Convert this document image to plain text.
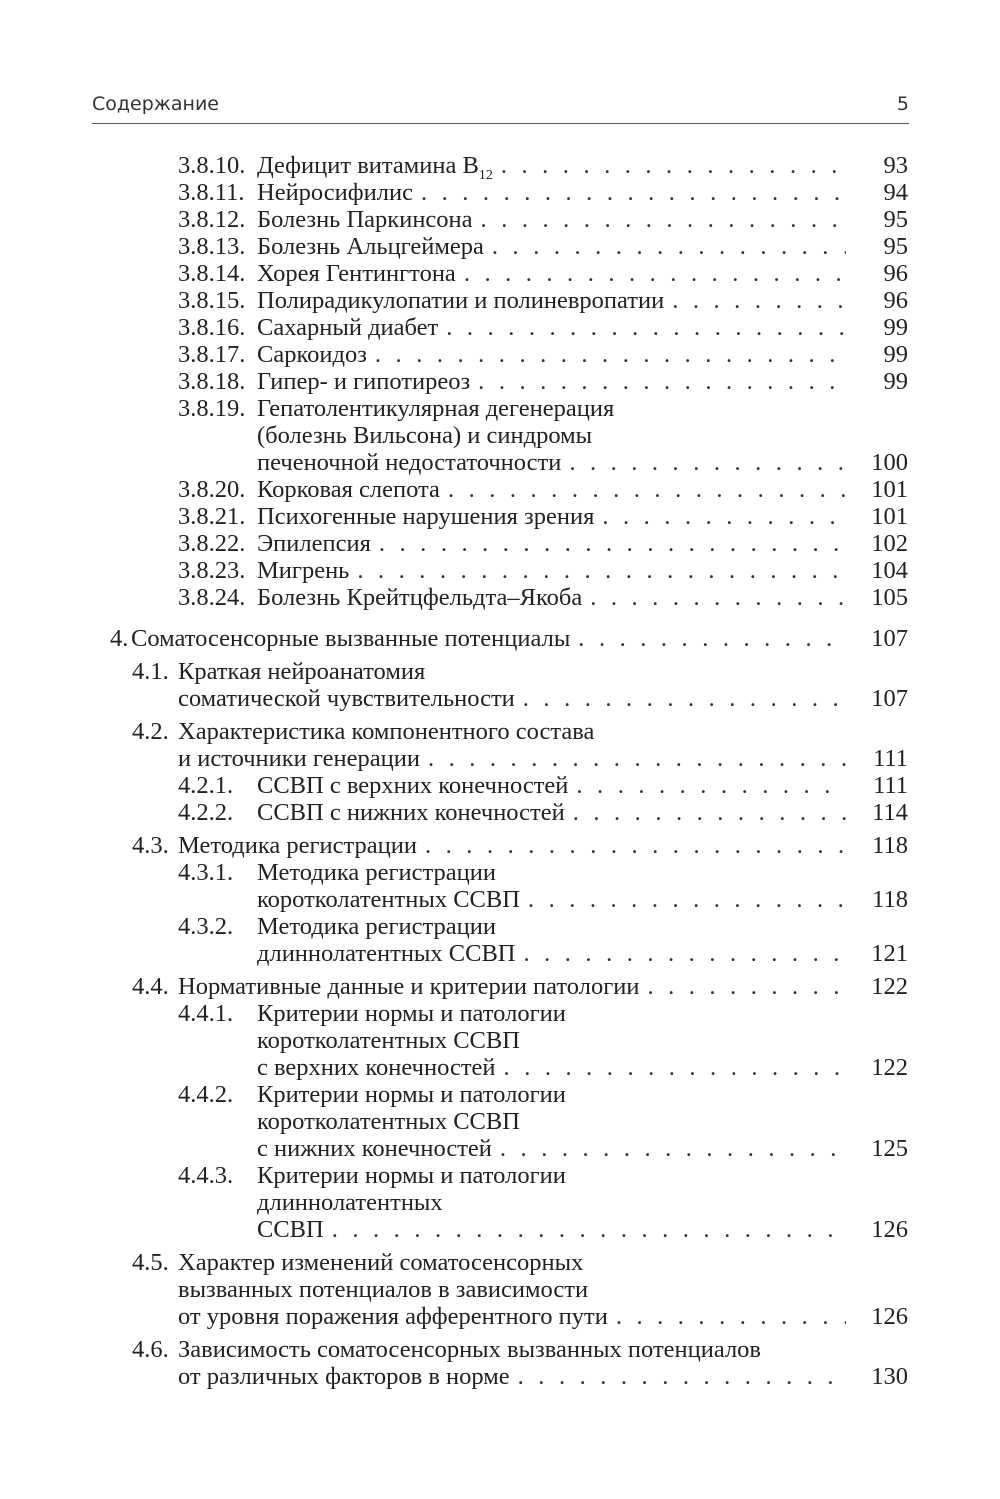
Содержание	5
3.8.10. Дефицит витамина $В_{12}$ . . .	93
3.8.11. Нейросифилис . . .	94
3.8.12. Болезнь Паркинсона . . .	95
3.8.13. Болезнь Альцгеймера . . .	95
3.8.14. Хорея Гентингтона . . .	96
3.8.15. Полирадикулопатии и полиневропатии . . .	96
3.8.16. Сахарный диабет . . .	99
3.8.17. Саркоидоз . . .	99
3.8.18. Гипер- и гипотиреоз . . .	99
3.8.19. Гепатолентикулярная дегенерация
(болезнь Вильсона) и синдромы
печеночной недостаточности . . .	100
3.8.20. Корковая слепота . . .	101
3.8.21. Психогенные нарушения зрения . . .	101
3.8.22. Эпилепсия . . .	102
3.8.23. Мигрень . . .	104
3.8.24. Болезнь Крейтцфельдта–Якоба . . .	105
4. Соматосенсорные вызванные потенциалы . . .	107
4.1. Краткая нейроанатомия
соматической чувствительности . . .	107
4.2. Характеристика компонентного состава
и источники генерации . . .	111
4.2.1. ССВП с верхних конечностей . . .	111
4.2.2. ССВП с нижних конечностей . . .	114
4.3. Методика регистрации . . .	118
4.3.1. Методика регистрации
коротколатентных ССВП . . .	118
4.3.2. Методика регистрации
длиннолатентных ССВП . . .	121
4.4. Нормативные данные и критерии патологии . . .	122
4.4.1. Критерии нормы и патологии
коротколатентных ССВП
с верхних конечностей . . .	122
4.4.2. Критерии нормы и патологии
коротколатентных ССВП
с нижних конечностей . . .	125
4.4.3. Критерии нормы и патологии
длиннолатентных
ССВП . . .	126
4.5. Характер изменений соматосенсорных
вызванных потенциалов в зависимости
от уровня поражения афферентного пути . . .	126
4.6. Зависимость соматосенсорных вызванных потенциалов
от различных факторов в норме . . .	130
